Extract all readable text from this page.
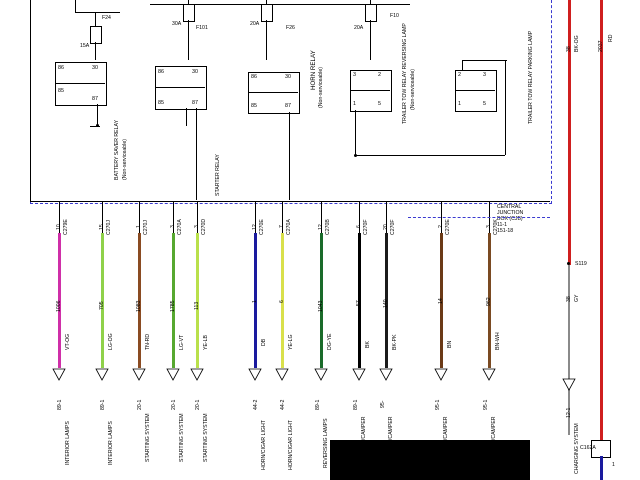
CENTRAL
JUNCTION
BOX (CJB)
11-1
151-18
F24
15A
F101
30A
F26
20A
F10
20A
86
85
30
87
BATTERY SAVER RELAY (Non-serviceable)
86
85
30
87
STARTER RELAY
86
85
30
87
HORN RELAY (Non-serviceable)	1
2
5
3	TRAILER TOW RELAY REVERSING LAMP (Non-serviceable)	1
2
5
3	TRAILER TOW RELAY PARKING LAMP
C279E
10
1006
VT-OG
89-1
INTERIOR LAMPS
C270J
15
705
LG-OG
89-1
INTERIOR LAMPS
C270J
1
1083
TN-RD
20-1
STARTING SYSTEM
C270A
3
1785
LG-VT
20-1
STARTING SYSTEM
C270D
3
113
YE-LB
20-1
STARTING SYSTEM
C270E
12
1
DB
44-2
HORN/CIGAR LIGHT
C270A
7
6
YE-LG
44-2
HORN/CIGAR LIGHT
C270B
12
1043
DG-YE
89-1
REVERSING LAMPS
C270F
6
57
BK
89-1
C270F
20
140
BK-PK
95-
C270E
2
14
BN
95-1
C270K
3
962
BN-WH
95-1
38 BK-OG	2037
RD
S119
38 GY
12-1
CHARGING SYSTEM C162A
1
